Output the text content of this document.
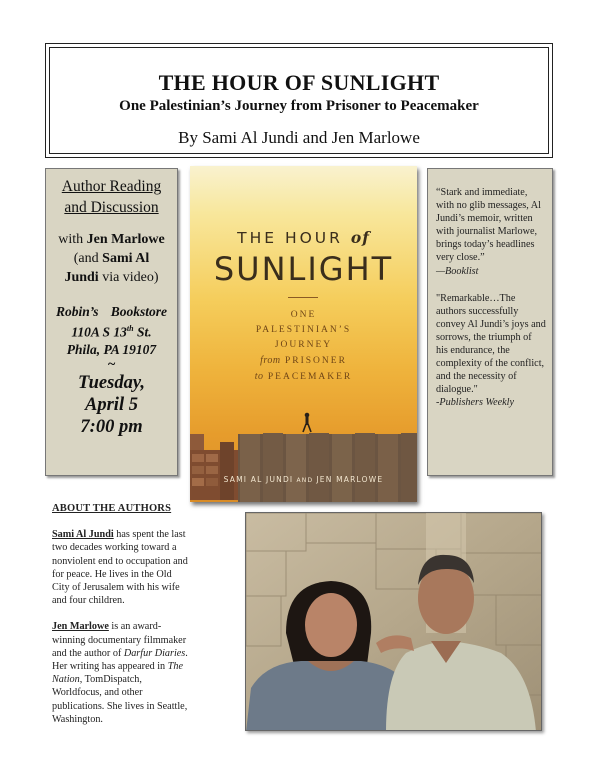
THE HOUR OF SUNLIGHT
One Palestinian’s Journey from Prisoner to Peacemaker
By Sami Al Jundi and Jen Marlowe
Author Reading
and Discussion
with Jen Marlowe
(and Sami Al
Jundi via video)
Robin’s Bookstore
110A S 13th St.
Phila, PA 19107
~
Tuesday,
April 5
7:00 pm
THE HOUR of
SUNLIGHT
ONE
PALESTINIAN’S
JOURNEY
from PRISONER
to PEACEMAKER
SAMI AL JUNDI AND JEN MARLOWE
“Stark and immediate, with no glib messages, Al Jundi’s memoir, written with journalist Marlowe, brings today’s headlines very close.”
—Booklist
"Remarkable…The authors successfully convey Al Jundi’s joys and sorrows, the triumph of his endurance, the complexity of the conflict, and the necessity of dialogue."
-Publishers Weekly
ABOUT THE AUTHORS
Sami Al Jundi has spent the last two decades working toward a nonviolent end to occupation and for peace. He lives in the Old City of Jerusalem with his wife and four children.
Jen Marlowe is an award-winning documentary filmmaker and the author of Darfur Diaries. Her writing has appeared in The Nation, TomDispatch, Worldfocus, and other publications. She lives in Seattle, Washington.
